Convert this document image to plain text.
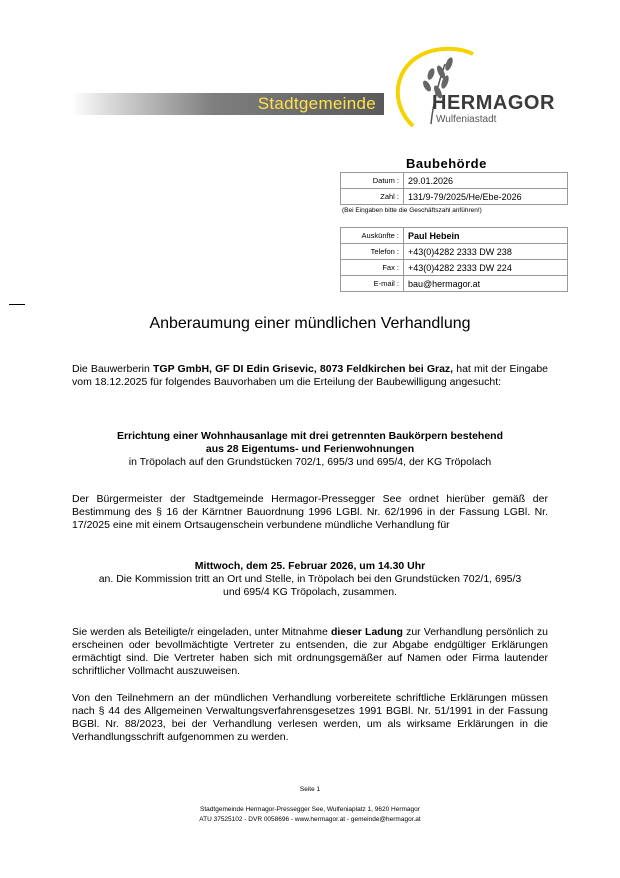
Stadtgemeinde	HERMAGOR
Wulfeniastadt
Baubehörde
Datum :	29.01.2026
Zahl :	131/9-79/2025/He/Ebe-2026
(Bei Eingaben bitte die Geschäftszahl anführen!)
Auskünfte :	Paul Hebein
Telefon :	+43(0)4282 2333 DW 238
Fax :	+43(0)4282 2333 DW 224
E-mail :	bau@hermagor.at
Anberaumung einer mündlichen Verhandlung
Die Bauwerberin TGP GmbH, GF DI Edin Grisevic, 8073 Feldkirchen bei Graz, hat mit der Eingabe vom 18.12.2025 für folgendes Bauvorhaben um die Erteilung der Baubewilligung angesucht:
Errichtung einer Wohnhausanlage mit drei getrennten Baukörpern bestehend
aus 28 Eigentums- und Ferienwohnungen
in Tröpolach auf den Grundstücken 702/1, 695/3 und 695/4, der KG Tröpolach
Der Bürgermeister der Stadtgemeinde Hermagor-Pressegger See ordnet hierüber gemäß der Bestimmung des § 16 der Kärntner Bauordnung 1996 LGBl. Nr. 62/1996 in der Fassung LGBl. Nr. 17/2025 eine mit einem Ortsaugenschein verbundene mündliche Verhandlung für
Mittwoch, dem 25. Februar 2026, um 14.30 Uhr
an. Die Kommission tritt an Ort und Stelle, in Tröpolach bei den Grundstücken 702/1, 695/3
und 695/4 KG Tröpolach, zusammen.
Sie werden als Beteiligte/r eingeladen, unter Mitnahme dieser Ladung zur Verhandlung persönlich zu erscheinen oder bevollmächtigte Vertreter zu entsenden, die zur Abgabe endgültiger Erklärungen ermächtigt sind. Die Vertreter haben sich mit ordnungsgemäßer auf Namen oder Firma lautender schriftlicher Vollmacht auszuweisen.
Von den Teilnehmern an der mündlichen Verhandlung vorbereitete schriftliche Erklärungen müssen nach § 44 des Allgemeinen Verwaltungsverfahrensgesetzes 1991 BGBl. Nr. 51/1991 in der Fassung BGBl. Nr. 88/2023, bei der Verhandlung verlesen werden, um als wirksame Erklärungen in die Verhandlungsschrift aufgenommen zu werden.
Seite 1
Stadtgemeinde Hermagor-Pressegger See, Wulfeniaplatz 1, 9620 Hermagor
ATU 37525102 - DVR 0058696 - www.hermagor.at - gemeinde@hermagor.at
